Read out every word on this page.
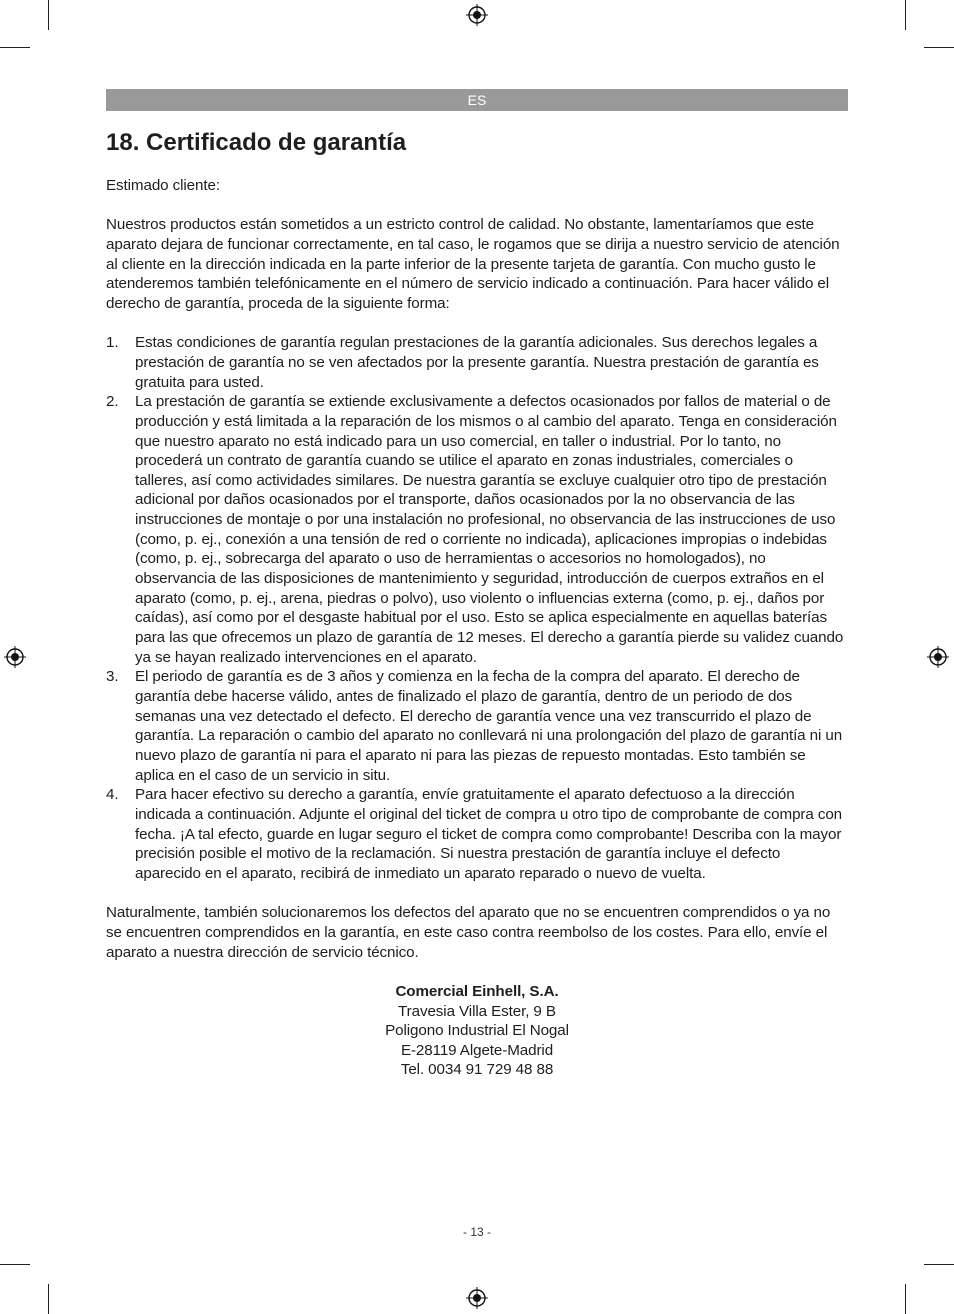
ES
18. Certificado de garantía

Estimado cliente:

Nuestros productos están sometidos a un estricto control de calidad. No obstante, lamentaríamos que este aparato dejara de funcionar correctamente, en tal caso, le rogamos que se dirija a nuestro servicio de atención al cliente en la dirección indicada en la parte inferior de la presente tarjeta de garantía. Con mucho gusto le atenderemos también telefónicamente en el número de servicio indicado a continuación. Para hacer válido el derecho de garantía, proceda de la siguiente forma:

1. Estas condiciones de garantía regulan prestaciones de la garantía adicionales. Sus derechos legales a prestación de garantía no se ven afectados por la presente garantía. Nuestra prestación de garantía es gratuita para usted.
2. La prestación de garantía se extiende exclusivamente a defectos ocasionados por fallos de material o de producción y está limitada a la reparación de los mismos o al cambio del aparato. Tenga en consideración que nuestro aparato no está indicado para un uso comercial, en taller o industrial. Por lo tanto, no procederá un contrato de garantía cuando se utilice el aparato en zonas industriales, comerciales o talleres, así como actividades similares. De nuestra garantía se excluye cualquier otro tipo de prestación adicional por daños ocasionados por el transporte, daños ocasionados por la no observancia de las instrucciones de montaje o por una instalación no profesional, no observancia de las instrucciones de uso (como, p. ej., conexión a una tensión de red o corriente no indicada), aplicaciones impropias o indebidas (como, p. ej., sobrecarga del aparato o uso de herramientas o accesorios no homologados), no observancia de las disposiciones de mantenimiento y seguridad, introducción de cuerpos extraños en el aparato (como, p. ej., arena, piedras o polvo), uso violento o influencias externa (como, p. ej., daños por caídas), así como por el desgaste habitual por el uso. Esto se aplica especialmente en aquellas baterías para las que ofrecemos un plazo de garantía de 12 meses. El derecho a garantía pierde su validez cuando ya se hayan realizado intervenciones en el aparato.
3. El periodo de garantía es de 3 años y comienza en la fecha de la compra del aparato. El derecho de garantía debe hacerse válido, antes de finalizado el plazo de garantía, dentro de un periodo de dos semanas una vez detectado el defecto. El derecho de garantía vence una vez transcurrido el plazo de garantía. La reparación o cambio del aparato no conllevará ni una prolongación del plazo de garantía ni un nuevo plazo de garantía ni para el aparato ni para las piezas de repuesto montadas. Esto también se aplica en el caso de un servicio in situ.
4. Para hacer efectivo su derecho a garantía, envíe gratuitamente el aparato defectuoso a la dirección indicada a continuación. Adjunte el original del ticket de compra u otro tipo de comprobante de compra con fecha. ¡A tal efecto, guarde en lugar seguro el ticket de compra como comprobante! Describa con la mayor precisión posible el motivo de la reclamación. Si nuestra prestación de garantía incluye el defecto aparecido en el aparato, recibirá de inmediato un aparato reparado o nuevo de vuelta.

Naturalmente, también solucionaremos los defectos del aparato que no se encuentren comprendidos o ya no se encuentren comprendidos en la garantía, en este caso contra reembolso de los costes. Para ello, envíe el aparato a nuestra dirección de servicio técnico.

Comercial Einhell, S.A.
Travesia Villa Ester, 9 B
Poligono Industrial El Nogal
E-28119 Algete-Madrid
Tel. 0034 91 729 48 88
- 13 -
